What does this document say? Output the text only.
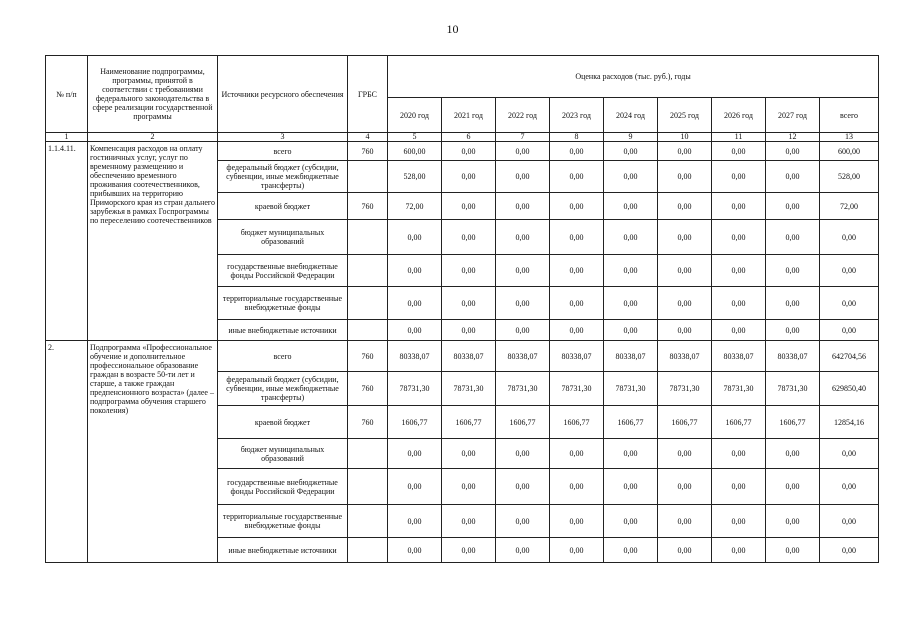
10
№ п/п	Наименование подпрограммы, программы, принятой в соответствии с требованиями федерального законодательства в сфере реализации государственной программы	Источники ресурсного обеспечения	ГРБС	Оценка расходов (тыс. руб.), годы								
				2020 год	2021 год	2022 год	2023 год	2024 год	2025 год	2026 год	2027 год	всего
1	2	3	4	5	6	7	8	9	10	11	12	13
1.1.4.11.	Компенсация расходов на оплату гостиничных услуг, услуг по временному размещению и обеспечению временного проживания соотечественников, прибывших на территорию Приморского края из стран дальнего зарубежья в рамках Госпрограммы по переселению соотечественников	всего	760	600,00	0,00	0,00	0,00	0,00	0,00	0,00	0,00	600,00
		федеральный бюджет (субсидии, субвенции, иные межбюджетные трансферты)		528,00	0,00	0,00	0,00	0,00	0,00	0,00	0,00	528,00
		краевой бюджет	760	72,00	0,00	0,00	0,00	0,00	0,00	0,00	0,00	72,00
		бюджет муниципальных образований		0,00	0,00	0,00	0,00	0,00	0,00	0,00	0,00	0,00
		государственные внебюджетные фонды Российской Федерации		0,00	0,00	0,00	0,00	0,00	0,00	0,00	0,00	0,00
		территориальные государственные внебюджетные фонды		0,00	0,00	0,00	0,00	0,00	0,00	0,00	0,00	0,00
		иные внебюджетные источники		0,00	0,00	0,00	0,00	0,00	0,00	0,00	0,00	0,00
2.	Подпрограмма «Профессиональное обучение и дополнительное профессиональное образование граждан в возрасте 50-ти лет и старше, а также граждан предпенсионного возраста» (далее – подпрограмма обучения старшего поколения)	всего	760	80338,07	80338,07	80338,07	80338,07	80338,07	80338,07	80338,07	80338,07	642704,56
		федеральный бюджет (субсидии, субвенции, иные межбюджетные трансферты)	760	78731,30	78731,30	78731,30	78731,30	78731,30	78731,30	78731,30	78731,30	629850,40
		краевой бюджет	760	1606,77	1606,77	1606,77	1606,77	1606,77	1606,77	1606,77	1606,77	12854,16
		бюджет муниципальных образований		0,00	0,00	0,00	0,00	0,00	0,00	0,00	0,00	0,00
		государственные внебюджетные фонды Российской Федерации		0,00	0,00	0,00	0,00	0,00	0,00	0,00	0,00	0,00
		территориальные государственные внебюджетные фонды		0,00	0,00	0,00	0,00	0,00	0,00	0,00	0,00	0,00
		иные внебюджетные источники		0,00	0,00	0,00	0,00	0,00	0,00	0,00	0,00	0,00
